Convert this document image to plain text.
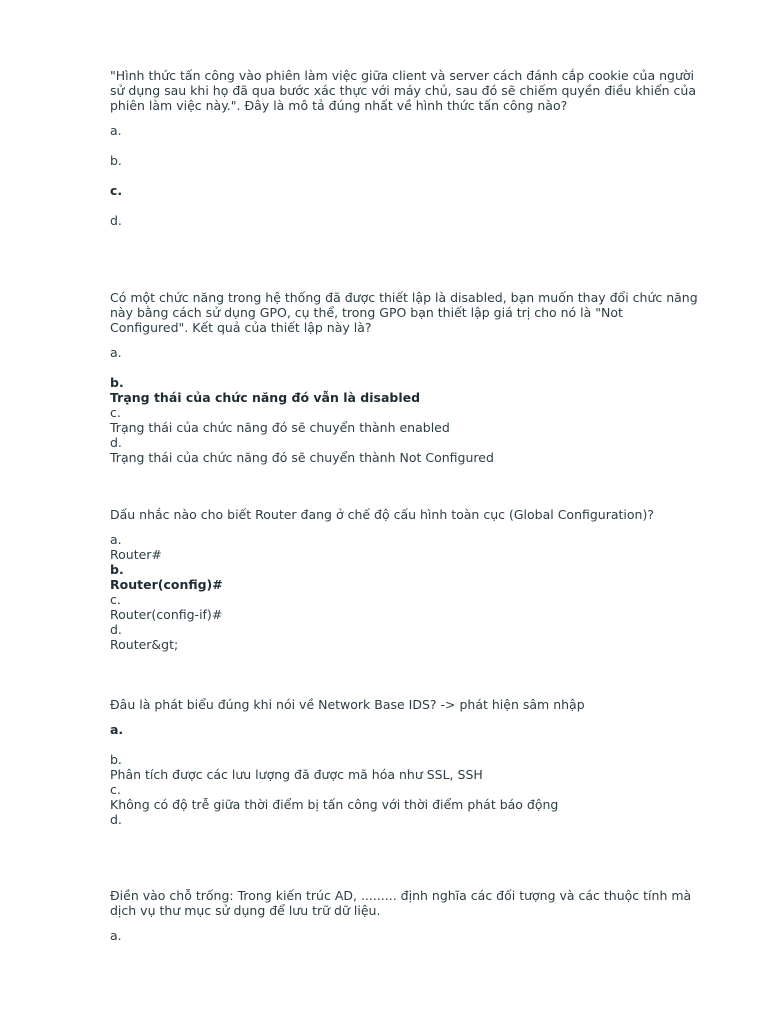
"Hình thức tấn công vào phiên làm việc giữa client và server cách đánh cắp cookie của người sử dụng sau khi họ đã qua bước xác thực với máy chủ, sau đó sẽ chiếm quyền điều khiển của phiên làm việc này.". Đây là mô tả đúng nhất về hình thức tấn công nào?

a.

b.

c.

d.

Có một chức năng trong hệ thống đã được thiết lập là disabled, bạn muốn thay đổi chức năng này bằng cách sử dụng GPO, cụ thể, trong GPO bạn thiết lập giá trị cho nó là "Not Configured". Kết quả của thiết lập này là?

a.

b.

Trạng thái của chức năng đó vẫn là disabled

c.

Trạng thái của chức năng đó sẽ chuyển thành enabled

d.

Trạng thái của chức năng đó sẽ chuyển thành Not Configured

Dấu nhắc nào cho biết Router đang ở chế độ cấu hình toàn cục (Global Configuration)?

a.

Router#

b.

Router(config)#

c.

Router(config-if)#

d.

Router&gt;

Đâu là phát biểu đúng khi nói về Network Base IDS? -> phát hiện sâm nhập

a.

b.

Phân tích được các lưu lượng đã được mã hóa như SSL, SSH

c.

Không có độ trễ giữa thời điểm bị tấn công với thời điểm phát báo động

d.

Điền vào chỗ trống: Trong kiến trúc AD, ......... định nghĩa các đối tượng và các thuộc tính mà dịch vụ thư mục sử dụng để lưu trữ dữ liệu.

a.
